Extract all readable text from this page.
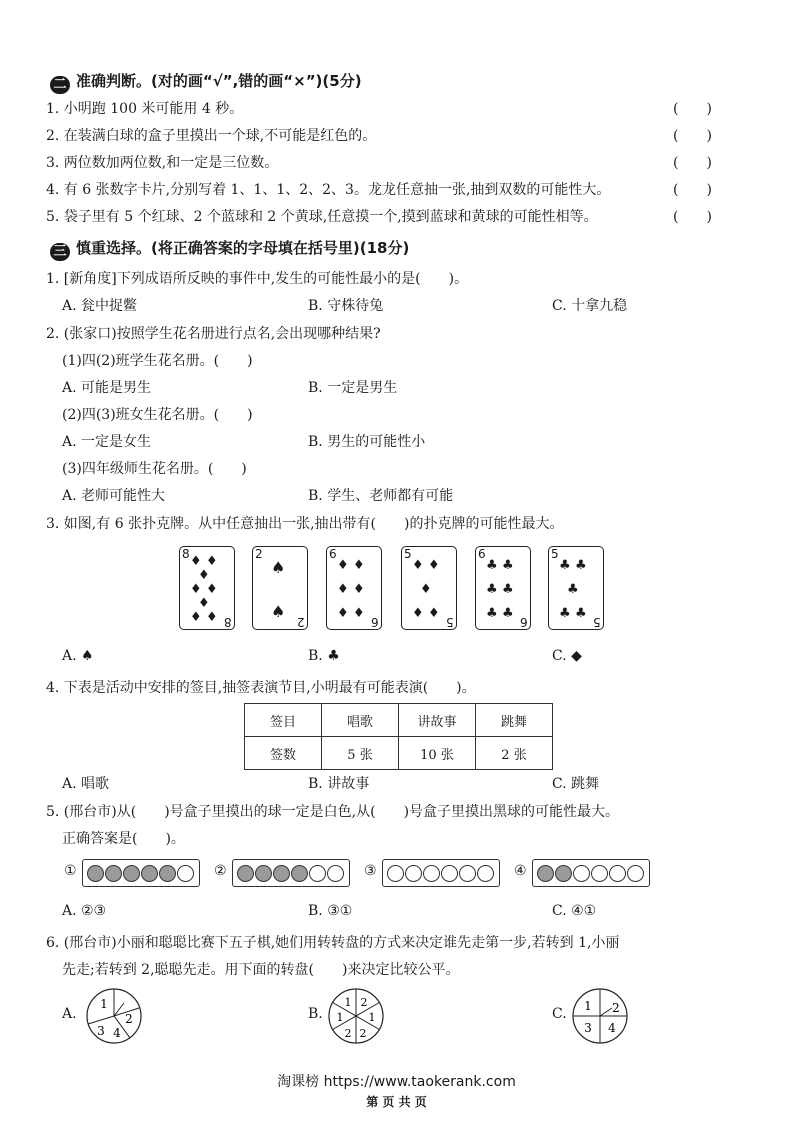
二 准确判断。(对的画“√”,错的画“×”)(5分)
1. 小明跑 100 米可能用 4 秒。	(　　)
2. 在装满白球的盒子里摸出一个球,不可能是红色的。	(　　)
3. 两位数加两位数,和一定是三位数。	(　　)
4. 有 6 张数字卡片,分别写着 1、1、1、2、2、3。龙龙任意抽一张,抽到双数的可能性大。	(　　)
5. 袋子里有 5 个红球、2 个蓝球和 2 个黄球,任意摸一个,摸到蓝球和黄球的可能性相等。	(　　)
三 慎重选择。(将正确答案的字母填在括号里)(18分)
1. [新角度]下列成语所反映的事件中,发生的可能性最小的是(　　)。
A. 瓮中捉鳖	B. 守株待兔	C. 十拿九稳
2. (张家口)按照学生花名册进行点名,会出现哪种结果?
(1)四(2)班学生花名册。(　　)
A. 可能是男生	B. 一定是男生
(2)四(3)班女生花名册。(　　)
A. 一定是女生	B. 男生的可能性小
(3)四年级师生花名册。(　　)
A. 老师可能性大	B. 学生、老师都有可能
3. 如图,有 6 张扑克牌。从中任意抽出一张,抽出带有(　　)的扑克牌的可能性最大。
8
8
♦ ♦
♦
♦ ♦
♦
♦ ♦
2
2
♠
♠
6
6
♦ ♦
♦ ♦
♦ ♦
5
5
♦ ♦
♦
♦ ♦
6
6
♣ ♣
♣ ♣
♣ ♣
5
5
♣ ♣
♣
♣ ♣
A. ♠	B. ♣	C. ◆
4. 下表是活动中安排的签目,抽签表演节目,小明最有可能表演(　　)。
签目	唱歌	讲故事	跳舞
签数	5 张	10 张	2 张
A. 唱歌	B. 讲故事	C. 跳舞
5. (邢台市)从(　　)号盒子里摸出的球一定是白色,从(　　)号盒子里摸出黑球的可能性最大。
正确答案是(　　)。
①	②	③	④
A. ②③	B. ③①	C. ④①
6. (邢台市)小丽和聪聪比赛下五子棋,她们用转转盘的方式来决定谁先走第一步,若转到 1,小丽
先走;若转到 2,聪聪先走。用下面的转盘(　　)来决定比较公平。
A.
1
2
3 4
B.
1 2
1
2
1
2
C. 1 2
3 4
淘课榜 https://www.taokerank.com
第 页 共 页
